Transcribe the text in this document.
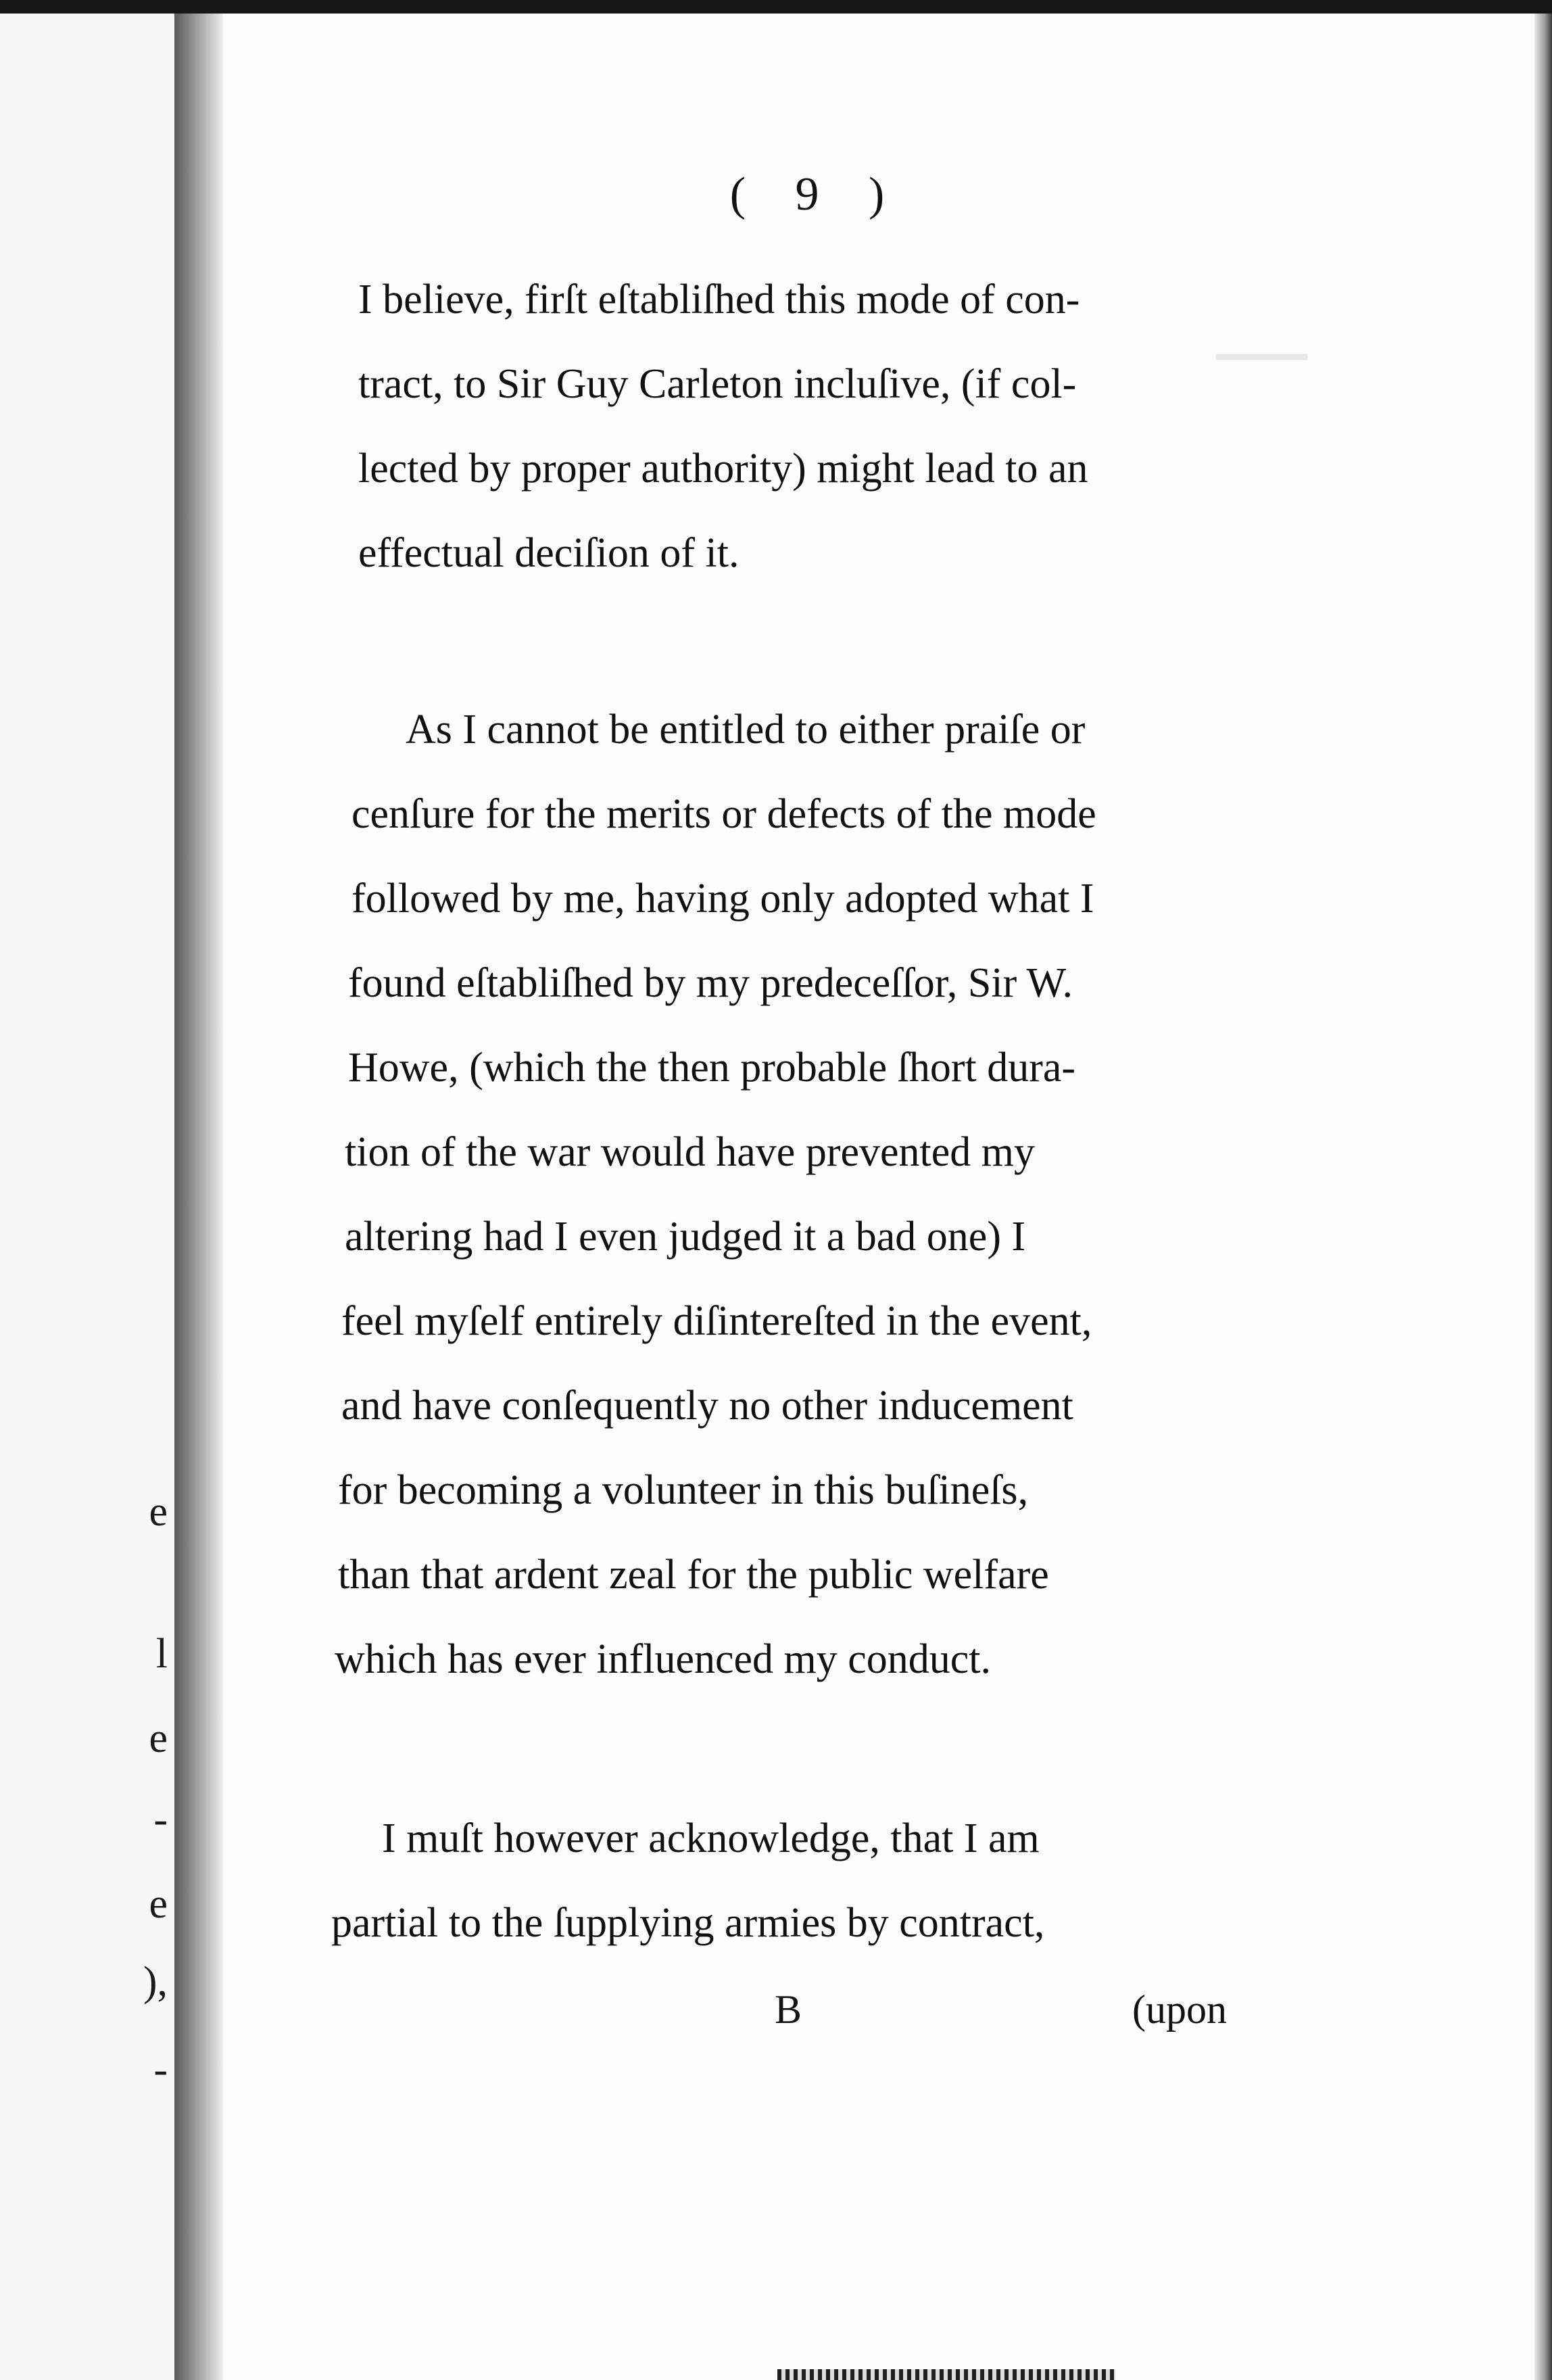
e
l
e
-
e
),
-
▁▁▁
( 9 )
I believe, firſt eſtabliſhed this mode of con-
tract, to Sir Guy Carleton incluſive, (if col-
lected by proper authority) might lead to an
effectual deciſion of it.
As I cannot be entitled to either praiſe or
cenſure for the merits or defects of the mode
followed by me, having only adopted what I
found eſtabliſhed by my predeceſſor, Sir W.
Howe, (which the then probable ſhort dura-
tion of the war would have prevented my
altering had I even judged it a bad one) I
feel myſelf entirely diſintereſted in the event,
and have conſequently no other inducement
for becoming a volunteer in this buſineſs,
than that ardent zeal for the public welfare
which has ever influenced my conduct.
I muſt however acknowledge, that I am
partial to the ſupplying armies by contract,
B	(upon
